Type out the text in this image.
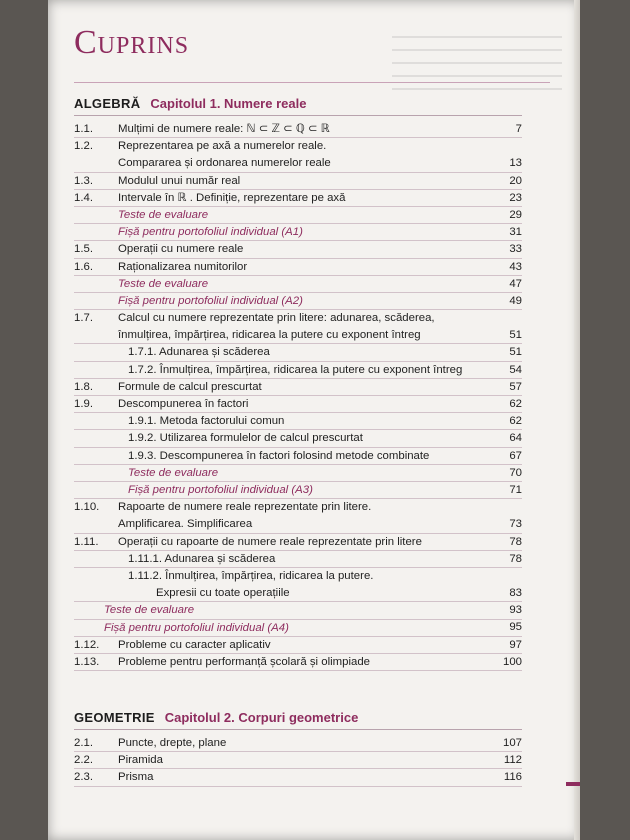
Cuprins
ALGEBRĂ Capitolul 1. Numere reale
1.1. Mulțimi de numere reale: ℕ ⊂ ℤ ⊂ ℚ ⊂ ℝ	7
1.2. Reprezentarea pe axă a numerelor reale.
Compararea și ordonarea numerelor reale	13
1.3. Modulul unui număr real	20
1.4. Intervale în ℝ . Definiție, reprezentare pe axă	23
Teste de evaluare	29
Fișă pentru portofoliul individual (A1)	31
1.5. Operații cu numere reale	33
1.6. Raționalizarea numitorilor	43
Teste de evaluare	47
Fișă pentru portofoliul individual (A2)	49
1.7. Calcul cu numere reprezentate prin litere: adunarea, scăderea,
înmulțirea, împărțirea, ridicarea la putere cu exponent întreg	51
1.7.1. Adunarea și scăderea	51
1.7.2. Înmulțirea, împărțirea, ridicarea la putere cu exponent întreg	54
1.8. Formule de calcul prescurtat	57
1.9. Descompunerea în factori	62
1.9.1. Metoda factorului comun	62
1.9.2. Utilizarea formulelor de calcul prescurtat	64
1.9.3. Descompunerea în factori folosind metode combinate	67
Teste de evaluare	70
Fișă pentru portofoliul individual (A3)	71
1.10. Rapoarte de numere reale reprezentate prin litere.
Amplificarea. Simplificarea	73
1.11. Operații cu rapoarte de numere reale reprezentate prin litere	78
1.11.1. Adunarea și scăderea	78
1.11.2. Înmulțirea, împărțirea, ridicarea la putere.
Expresii cu toate operațiile	83
Teste de evaluare	93
Fișă pentru portofoliul individual (A4)	95
1.12. Probleme cu caracter aplicativ	97
1.13. Probleme pentru performanță școlară și olimpiade	100
GEOMETRIE Capitolul 2. Corpuri geometrice
2.1. Puncte, drepte, plane	107
2.2. Piramida	112
2.3. Prisma	116
